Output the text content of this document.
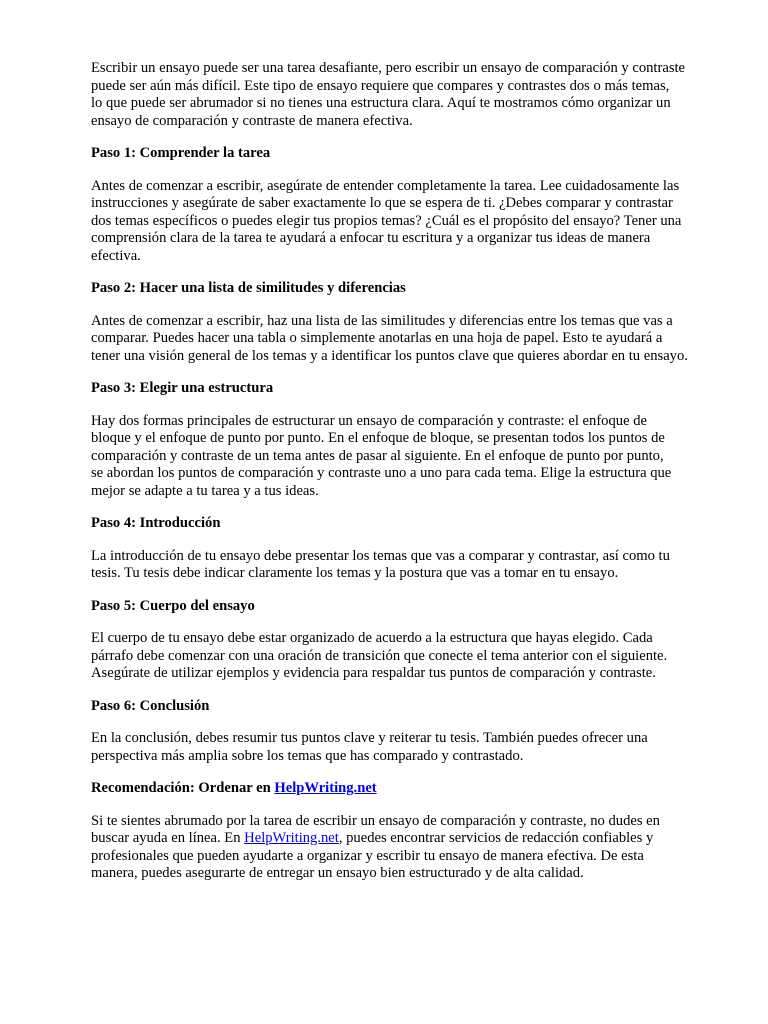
Escribir un ensayo puede ser una tarea desafiante, pero escribir un ensayo de comparación y contraste
puede ser aún más difícil. Este tipo de ensayo requiere que compares y contrastes dos o más temas,
lo que puede ser abrumador si no tienes una estructura clara. Aquí te mostramos cómo organizar un
ensayo de comparación y contraste de manera efectiva.

Paso 1: Comprender la tarea

Antes de comenzar a escribir, asegúrate de entender completamente la tarea. Lee cuidadosamente las
instrucciones y asegúrate de saber exactamente lo que se espera de ti. ¿Debes comparar y contrastar
dos temas específicos o puedes elegir tus propios temas? ¿Cuál es el propósito del ensayo? Tener una
comprensión clara de la tarea te ayudará a enfocar tu escritura y a organizar tus ideas de manera
efectiva.

Paso 2: Hacer una lista de similitudes y diferencias

Antes de comenzar a escribir, haz una lista de las similitudes y diferencias entre los temas que vas a
comparar. Puedes hacer una tabla o simplemente anotarlas en una hoja de papel. Esto te ayudará a
tener una visión general de los temas y a identificar los puntos clave que quieres abordar en tu ensayo.

Paso 3: Elegir una estructura

Hay dos formas principales de estructurar un ensayo de comparación y contraste: el enfoque de
bloque y el enfoque de punto por punto. En el enfoque de bloque, se presentan todos los puntos de
comparación y contraste de un tema antes de pasar al siguiente. En el enfoque de punto por punto,
se abordan los puntos de comparación y contraste uno a uno para cada tema. Elige la estructura que
mejor se adapte a tu tarea y a tus ideas.

Paso 4: Introducción

La introducción de tu ensayo debe presentar los temas que vas a comparar y contrastar, así como tu
tesis. Tu tesis debe indicar claramente los temas y la postura que vas a tomar en tu ensayo.

Paso 5: Cuerpo del ensayo

El cuerpo de tu ensayo debe estar organizado de acuerdo a la estructura que hayas elegido. Cada
párrafo debe comenzar con una oración de transición que conecte el tema anterior con el siguiente.
Asegúrate de utilizar ejemplos y evidencia para respaldar tus puntos de comparación y contraste.

Paso 6: Conclusión

En la conclusión, debes resumir tus puntos clave y reiterar tu tesis. También puedes ofrecer una
perspectiva más amplia sobre los temas que has comparado y contrastado.

Recomendación: Ordenar en HelpWriting.net

Si te sientes abrumado por la tarea de escribir un ensayo de comparación y contraste, no dudes en
buscar ayuda en línea. En HelpWriting.net, puedes encontrar servicios de redacción confiables y
profesionales que pueden ayudarte a organizar y escribir tu ensayo de manera efectiva. De esta
manera, puedes asegurarte de entregar un ensayo bien estructurado y de alta calidad.
